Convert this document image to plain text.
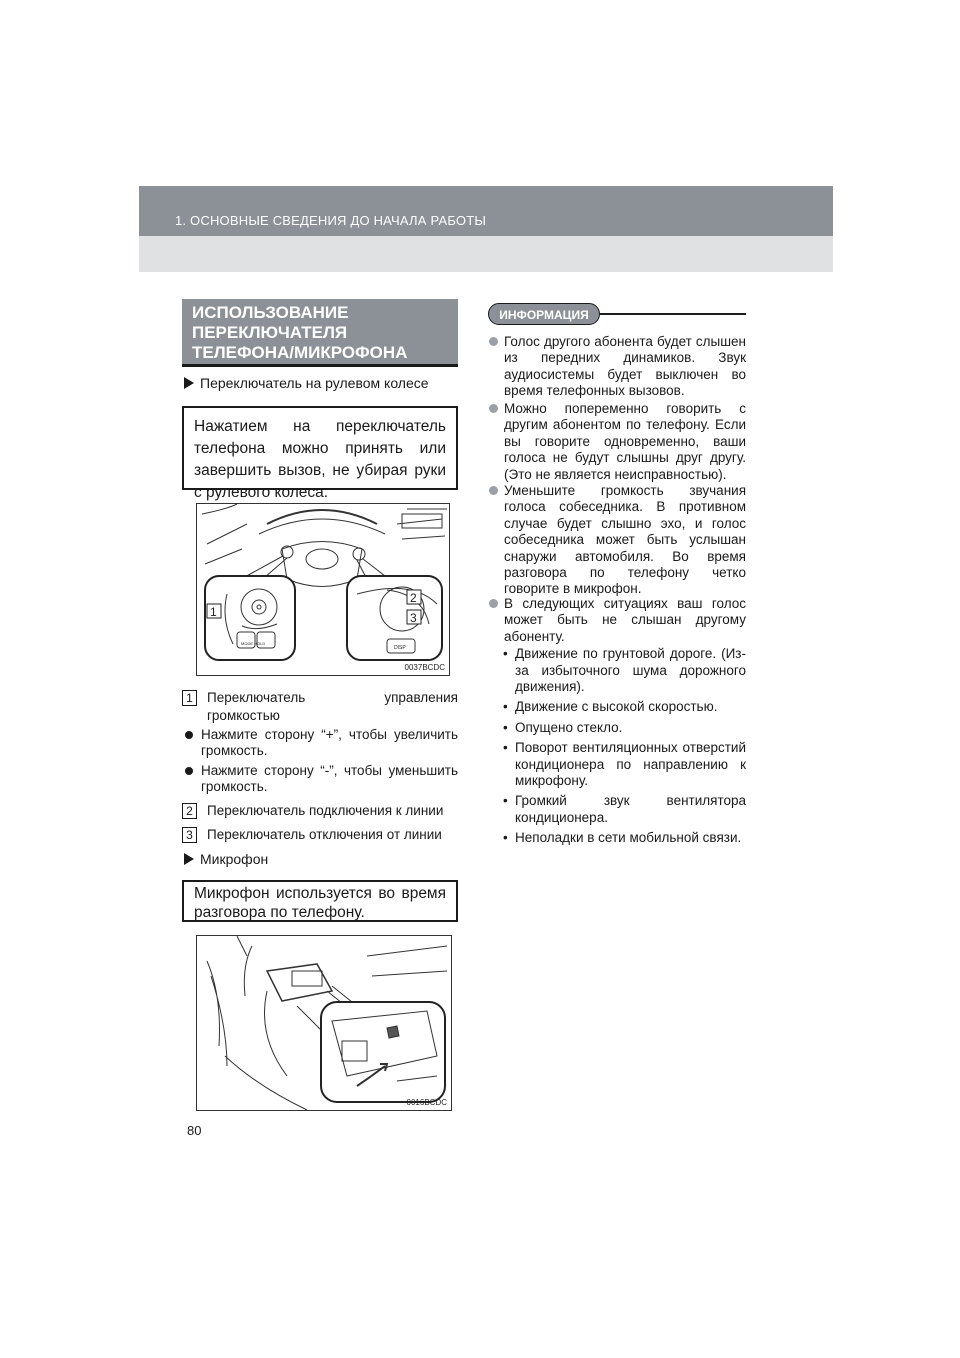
1. ОСНОВНЫЕ СВЕДЕНИЯ ДО НАЧАЛА РАБОТЫ
ИСПОЛЬЗОВАНИЕ
ПЕРЕКЛЮЧАТЕЛЯ
ТЕЛЕФОНА/МИКРОФОНА
Переключатель на рулевом колесе
Нажатием на переключатель телефона можно принять или завершить вызов, не убирая руки с рулевого колеса.
MODE HOLD
DISP
1
2
3
0037BCDC
1	Переключатель управления громкостью
Нажмите сторону “+”, чтобы увеличить громкость.
Нажмите сторону “-”, чтобы уменьшить громкость.
2	Переключатель подключения к линии
3	Переключатель отключения от линии
Микрофон
Микрофон используется во время разговора по телефону.
0016BCDC
ИНФОРМАЦИЯ
Голос другого абонента будет слышен из передних динамиков. Звук аудиосистемы будет выключен во время телефонных вызовов.
Можно попеременно говорить с другим абонентом по телефону. Если вы говорите одновременно, ваши голоса не будут слышны друг другу. (Это не является неисправностью).
Уменьшите громкость звучания голоса собеседника. В противном случае будет слышно эхо, и голос собеседника может быть услышан снаружи автомобиля. Во время разговора по телефону четко говорите в микрофон.
В следующих ситуациях ваш голос может быть не слышан другому абоненту.
• Движение по грунтовой дороге. (Из-за избыточного шума дорожного движения).
• Движение с высокой скоростью.
• Опущено стекло.
• Поворот вентиляционных отверстий кондиционера по направлению к микрофону.
• Громкий звук вентилятора кондиционера.
• Неполадки в сети мобильной связи.
80
